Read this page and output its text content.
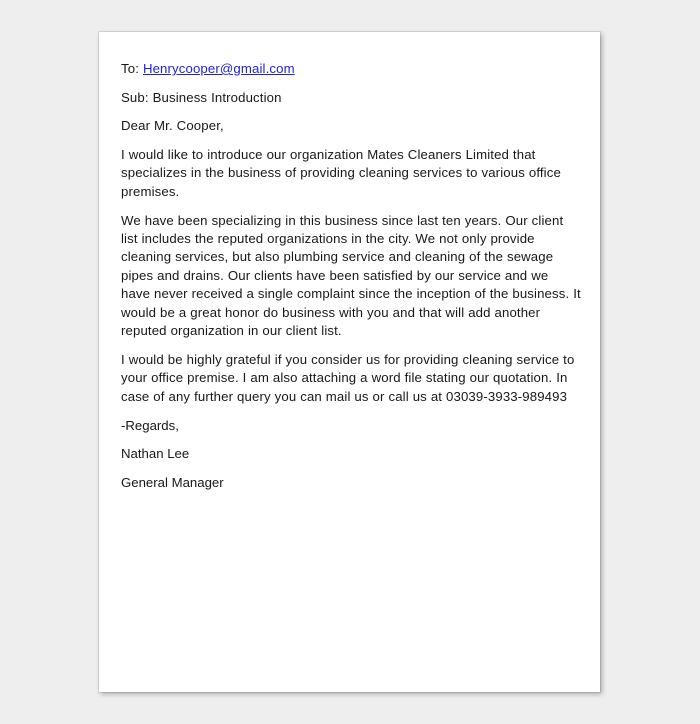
To: Henrycooper@gmail.com

Sub: Business Introduction

Dear Mr. Cooper,

I would like to introduce our organization Mates Cleaners Limited that specializes in the business of providing cleaning services to various office premises.

We have been specializing in this business since last ten years. Our client list includes the reputed organizations in the city. We not only provide cleaning services, but also plumbing service and cleaning of the sewage pipes and drains. Our clients have been satisfied by our service and we have never received a single complaint since the inception of the business. It would be a great honor do business with you and that will add another reputed organization in our client list.

I would be highly grateful if you consider us for providing cleaning service to your office premise. I am also attaching a word file stating our quotation. In case of any further query you can mail us or call us at 03039-3933-989493

-Regards,

Nathan Lee

General Manager
